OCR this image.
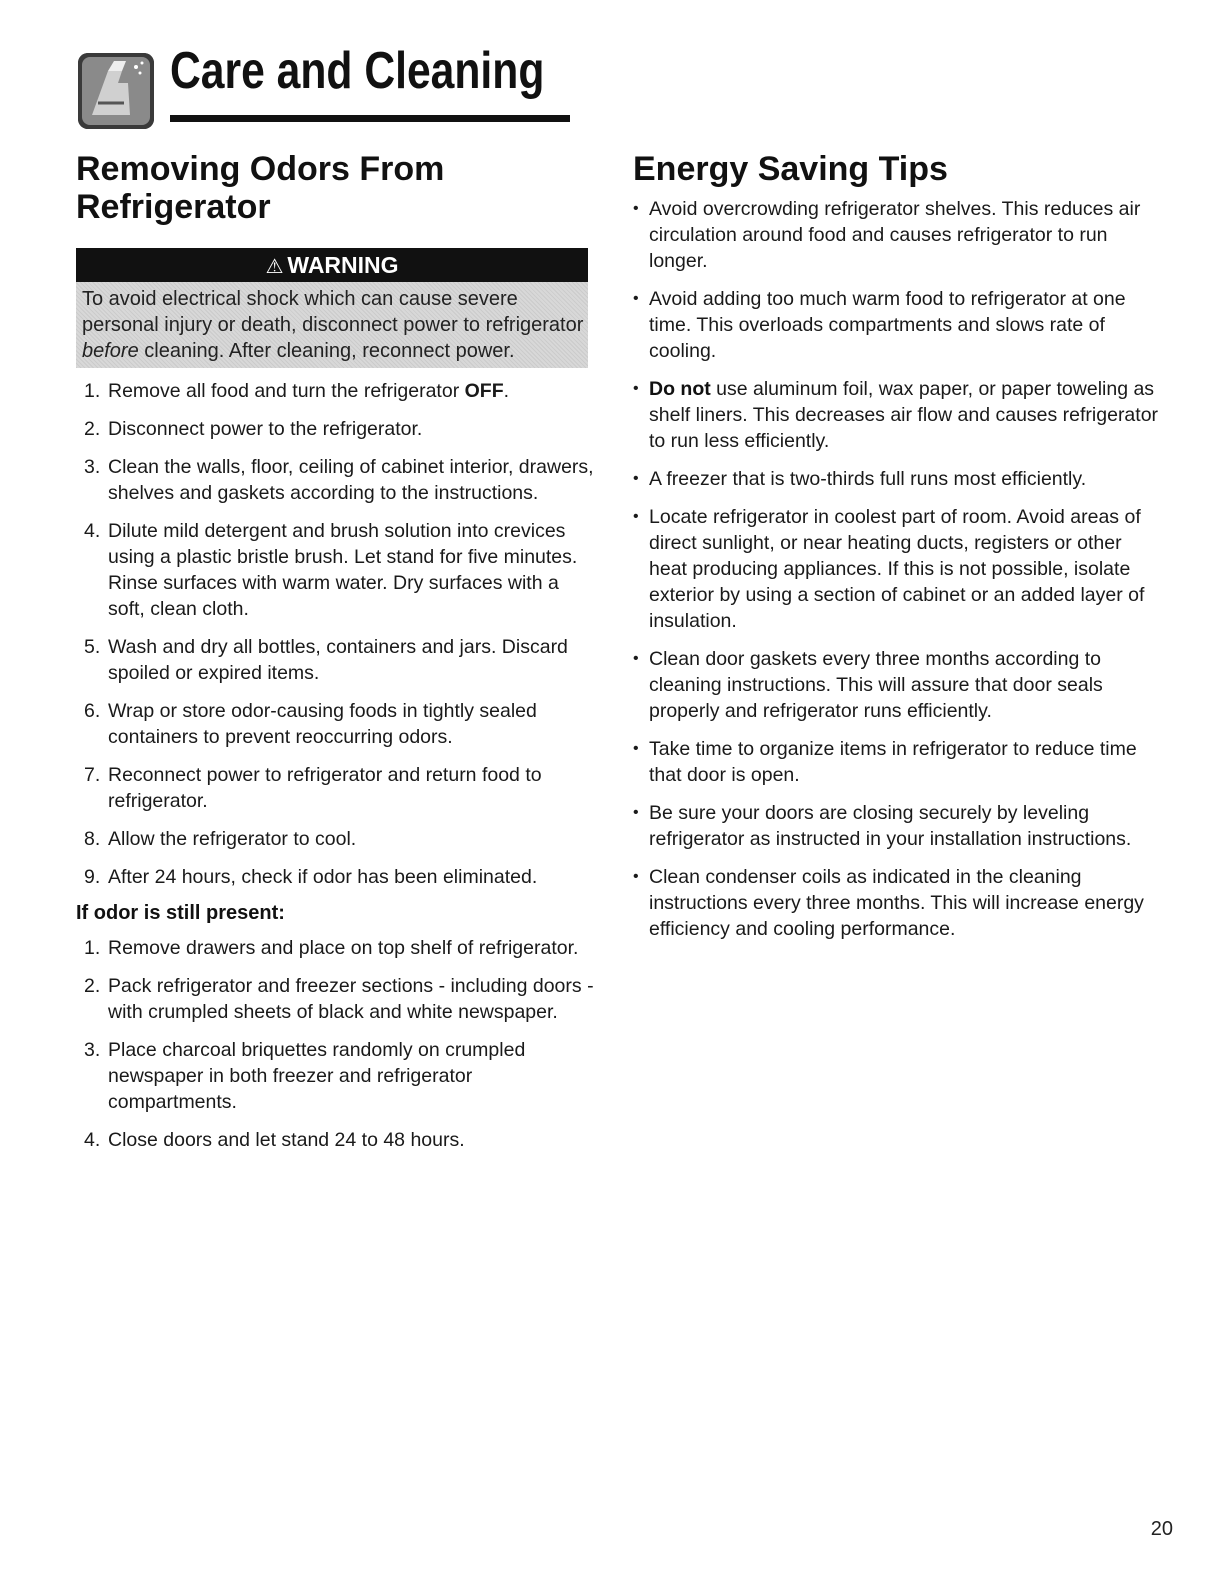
Care and Cleaning
Removing Odors From Refrigerator
⚠ WARNING
To avoid electrical shock which can cause severe personal injury or death, disconnect power to refrigerator before cleaning. After cleaning, reconnect power.
1. Remove all food and turn the refrigerator OFF.
2. Disconnect power to the refrigerator.
3. Clean the walls, floor, ceiling of cabinet interior, drawers, shelves and gaskets according to the instructions.
4. Dilute mild detergent and brush solution into crevices using a plastic bristle brush. Let stand for five minutes. Rinse surfaces with warm water. Dry surfaces with a soft, clean cloth.
5. Wash and dry all bottles, containers and jars. Discard spoiled or expired items.
6. Wrap or store odor-causing foods in tightly sealed containers to prevent reoccurring odors.
7. Reconnect power to refrigerator and return food to refrigerator.
8. Allow the refrigerator to cool.
9. After 24 hours, check if odor has been eliminated.
If odor is still present:
1. Remove drawers and place on top shelf of refrigerator.
2. Pack refrigerator and freezer sections - including doors - with crumpled sheets of black and white newspaper.
3. Place charcoal briquettes randomly on crumpled newspaper in both freezer and refrigerator compartments.
4. Close doors and let stand 24 to 48 hours.
Energy Saving Tips
• Avoid overcrowding refrigerator shelves. This reduces air circulation around food and causes refrigerator to run longer.
• Avoid adding too much warm food to refrigerator at one time. This overloads compartments and slows rate of cooling.
• Do not use aluminum foil, wax paper, or paper toweling as shelf liners. This decreases air flow and causes refrigerator to run less efficiently.
• A freezer that is two-thirds full runs most efficiently.
• Locate refrigerator in coolest part of room. Avoid areas of direct sunlight, or near heating ducts, registers or other heat producing appliances. If this is not possible, isolate exterior by using a section of cabinet or an added layer of insulation.
• Clean door gaskets every three months according to cleaning instructions. This will assure that door seals properly and refrigerator runs efficiently.
• Take time to organize items in refrigerator to reduce time that door is open.
• Be sure your doors are closing securely by leveling refrigerator as instructed in your installation instructions.
• Clean condenser coils as indicated in the cleaning instructions every three months. This will increase energy efficiency and cooling performance.
20
